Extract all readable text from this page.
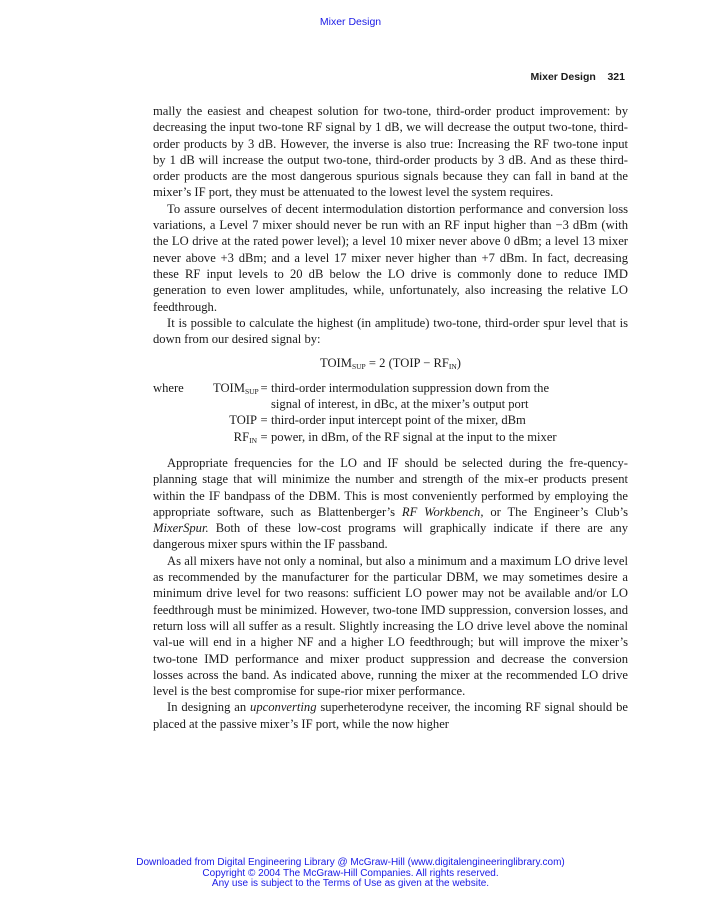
Mixer Design
Mixer Design 321

mally the easiest and cheapest solution for two-tone, third-order product improvement: by decreasing the input two-tone RF signal by 1 dB, we will decrease the output two-tone, third-order products by 3 dB. However, the inverse is also true: Increasing the RF two-tone input by 1 dB will increase the output two-tone, third-order products by 3 dB. And as these third-order products are the most dangerous spurious signals because they can fall in band at the mixer’s IF port, they must be attenuated to the lowest level the system requires.

To assure ourselves of decent intermodulation distortion performance and conversion loss variations, a Level 7 mixer should never be run with an RF input higher than −3 dBm (with the LO drive at the rated power level); a level 10 mixer never above 0 dBm; a level 13 mixer never above +3 dBm; and a level 17 mixer never higher than +7 dBm. In fact, decreasing these RF input levels to 20 dB below the LO drive is commonly done to reduce IMD generation to even lower amplitudes, while, unfortunately, also increasing the relative LO feedthrough.

It is possible to calculate the highest (in amplitude) two-tone, third-order spur level that is down from our desired signal by:

$TOIM_{SUP} = 2$ (TOIP − $RF_{IN}$)
where	$TOIM_{SUP}$ = third-order intermodulation suppression down from the
signal of interest, in dBc, at the mixer’s output port
TOIP = third-order input intercept point of the mixer, dBm
$RF_{IN}$ = power, in dBm, of the RF signal at the input to the mixer

Appropriate frequencies for the LO and IF should be selected during the fre-quency-planning stage that will minimize the number and strength of the mix-er products present within the IF bandpass of the DBM. This is most conveniently performed by employing the appropriate software, such as Blattenberger’s RF Workbench, or The Engineer’s Club’s MixerSpur. Both of these low-cost programs will graphically indicate if there are any dangerous mixer spurs within the IF passband.

As all mixers have not only a nominal, but also a minimum and a maximum LO drive level as recommended by the manufacturer for the particular DBM, we may sometimes desire a minimum drive level for two reasons: sufficient LO power may not be available and/or LO feedthrough must be minimized. However, two-tone IMD suppression, conversion losses, and return loss will all suffer as a result. Slightly increasing the LO drive level above the nominal val-ue will end in a higher NF and a higher LO feedthrough; but will improve the mixer’s two-tone IMD performance and mixer product suppression and decrease the conversion losses across the band. As indicated above, running the mixer at the recommended LO drive level is the best compromise for supe-rior mixer performance.

In designing an upconverting superheterodyne receiver, the incoming RF signal should be placed at the passive mixer’s IF port, while the now higher

Downloaded from Digital Engineering Library @ McGraw-Hill (www.digitalengineeringlibrary.com)
Copyright © 2004 The McGraw-Hill Companies. All rights reserved.
Any use is subject to the Terms of Use as given at the website.
